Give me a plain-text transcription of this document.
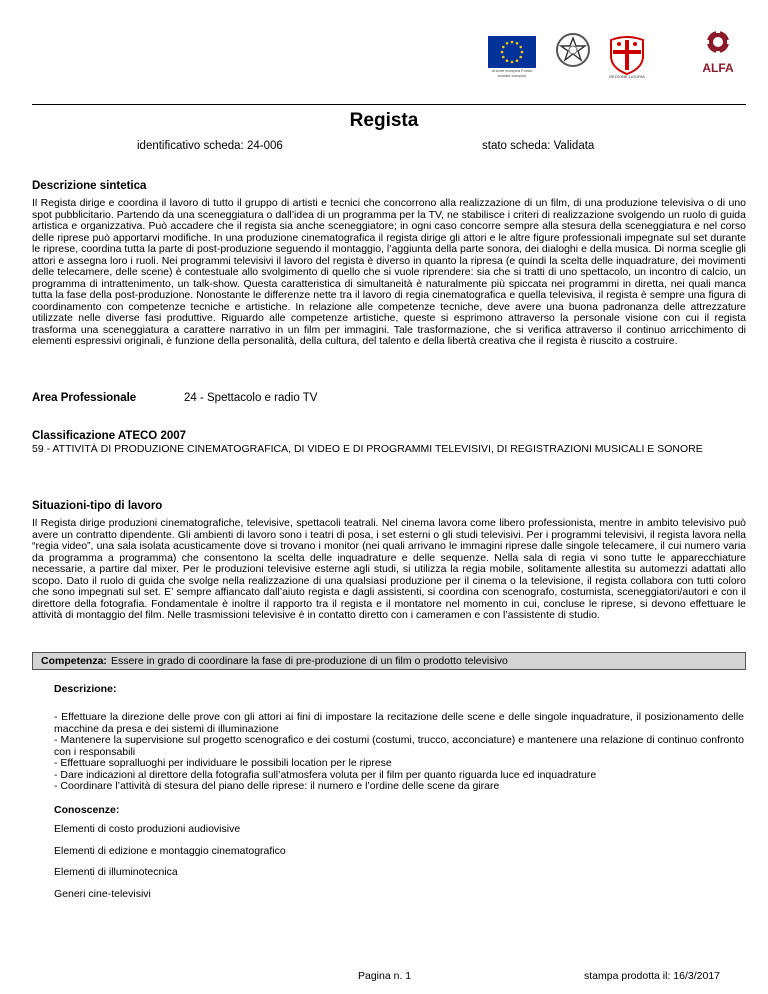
Unione europea Fondo sociale europeo	REGIONE LIGURIA
ALFA
Regista
identificativo scheda: 24-006	stato scheda: Validata
Descrizione sintetica
Il Regista dirige e coordina il lavoro di tutto il gruppo di artisti e tecnici che concorrono alla realizzazione di un film, di una produzione televisiva o di uno spot pubblicitario. Partendo da una sceneggiatura o dall’idea di un programma per la TV, ne stabilisce i criteri di realizzazione svolgendo un ruolo di guida artistica e organizzativa. Può accadere che il regista sia anche sceneggiatore; in ogni caso concorre sempre alla stesura della sceneggiatura e nel corso delle riprese può apportarvi modifiche. In una produzione cinematografica il regista dirige gli attori e le altre figure professionali impegnate sul set durante le riprese, coordina tutta la parte di post-produzione seguendo il montaggio, l’aggiunta della parte sonora, dei dialoghi e della musica. Di norma sceglie gli attori e assegna loro i ruoli. Nei programmi televisivi il lavoro del regista è diverso in quanto la ripresa (e quindi la scelta delle inquadrature, dei movimenti delle telecamere, delle scene) è contestuale allo svolgimento di quello che si vuole riprendere: sia che si tratti di uno spettacolo, un incontro di calcio, un programma di intrattenimento, un talk-show. Questa caratteristica di simultaneità è naturalmente più spiccata nei programmi in diretta, nei quali manca tutta la fase della post-produzione. Nonostante le differenze nette tra il lavoro di regia cinematografica e quella televisiva, il regista è sempre una figura di coordinamento con competenze tecniche e artistiche. In relazione alle competenze tecniche, deve avere una buona padronanza delle attrezzature utilizzate nelle diverse fasi produttive. Riguardo alle competenze artistiche, queste si esprimono attraverso la personale visione con cui il regista trasforma una sceneggiatura a carattere narrativo in un film per immagini. Tale trasformazione, che si verifica attraverso il continuo arricchimento di elementi espressivi originali, è funzione della personalità, della cultura, del talento e della libertà creativa che il regista è riuscito a costruire.
Area Professionale	24 - Spettacolo e radio TV
Classificazione ATECO 2007
59 - ATTIVITÀ DI PRODUZIONE CINEMATOGRAFICA, DI VIDEO E DI PROGRAMMI TELEVISIVI, DI REGISTRAZIONI MUSICALI E SONORE
Situazioni-tipo di lavoro
Il Regista dirige produzioni cinematografiche, televisive, spettacoli teatrali. Nel cinema lavora come libero professionista, mentre in ambito televisivo può avere un contratto dipendente. Gli ambienti di lavoro sono i teatri di posa, i set esterni o gli studi televisivi. Per i programmi televisivi, il regista lavora nella “regia video”, una sala isolata acusticamente dove si trovano i monitor (nei quali arrivano le immagini riprese dalle singole telecamere, il cui numero varia da programma a programma) che consentono la scelta delle inquadrature e delle sequenze. Nella sala di regia vi sono tutte le apparecchiature necessarie, a partire dal mixer. Per le produzioni televisive esterne agli studi, si utilizza la regia mobile, solitamente allestita su automezzi adattati allo scopo. Dato il ruolo di guida che svolge nella realizzazione di una qualsiasi produzione per il cinema o la televisione, il regista collabora con tutti coloro che sono impegnati sul set. E’ sempre affiancato dall’aiuto regista e dagli assistenti, si coordina con scenografo, costumista, sceneggiatori/autori e con il direttore della fotografia. Fondamentale è inoltre il rapporto tra il regista e il montatore nel momento in cui, concluse le riprese, si devono effettuare le attività di montaggio del film. Nelle trasmissioni televisive è in contatto diretto con i cameramen e con l’assistente di studio.
Competenza: Essere in grado di coordinare la fase di pre-produzione di un film o prodotto televisivo
Descrizione:
- Effettuare la direzione delle prove con gli attori ai fini di impostare la recitazione delle scene e delle singole inquadrature, il posizionamento delle macchine da presa e dei sistemi di illuminazione
- Mantenere la supervisione sul progetto scenografico e dei costumi (costumi, trucco, acconciature) e mantenere una relazione di continuo confronto con i responsabili
- Effettuare sopralluoghi per individuare le possibili location per le riprese
- Dare indicazioni al direttore della fotografia sull’atmosfera voluta per il film per quanto riguarda luce ed inquadrature
- Coordinare l’attività di stesura del piano delle riprese: il numero e l’ordine delle scene da girare
Conoscenze:
Elementi di costo produzioni audiovisive
Elementi di edizione e montaggio cinematografico
Elementi di illuminotecnica
Generi cine-televisivi
Pagina n. 1	stampa prodotta il: 16/3/2017
